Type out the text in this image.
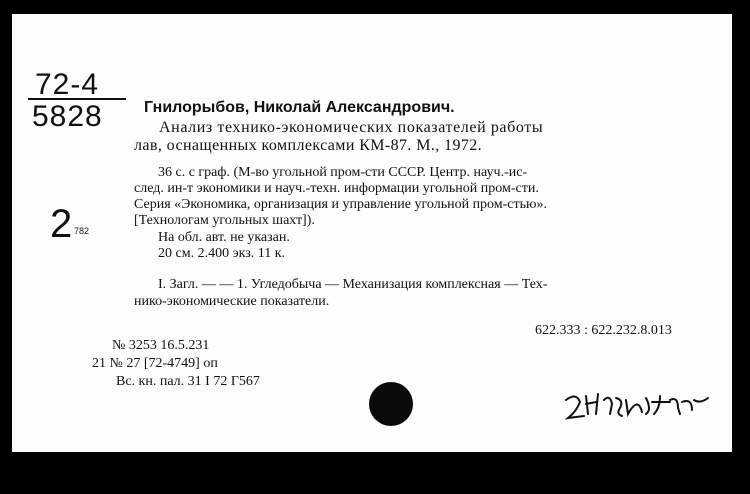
72-4
5828
2 782
Гнилорыбов, Николай Александрович.
Анализ технико-экономических показателей работы
лав, оснащенных комплексами КМ-87. М., 1972.
36 с. с граф. (М-во угольной пром-сти СССР. Центр. науч.-ис-
след. ин-т экономики и науч.-техн. информации угольной пром-сти.
Серия «Экономика, организация и управление угольной пром-стью».
[Технологам угольных шахт]).
На обл. авт. не указан.
20 см. 2.400 экз. 11 к.
I. Загл. — — 1. Угледобыча — Механизация комплексная — Тех-
нико-экономические показатели.
622.333 : 622.232.8.013
№ 3253 16.5.231
21 № 27 [72-4749] оп
Вс. кн. пал. 31 I 72 Г567
